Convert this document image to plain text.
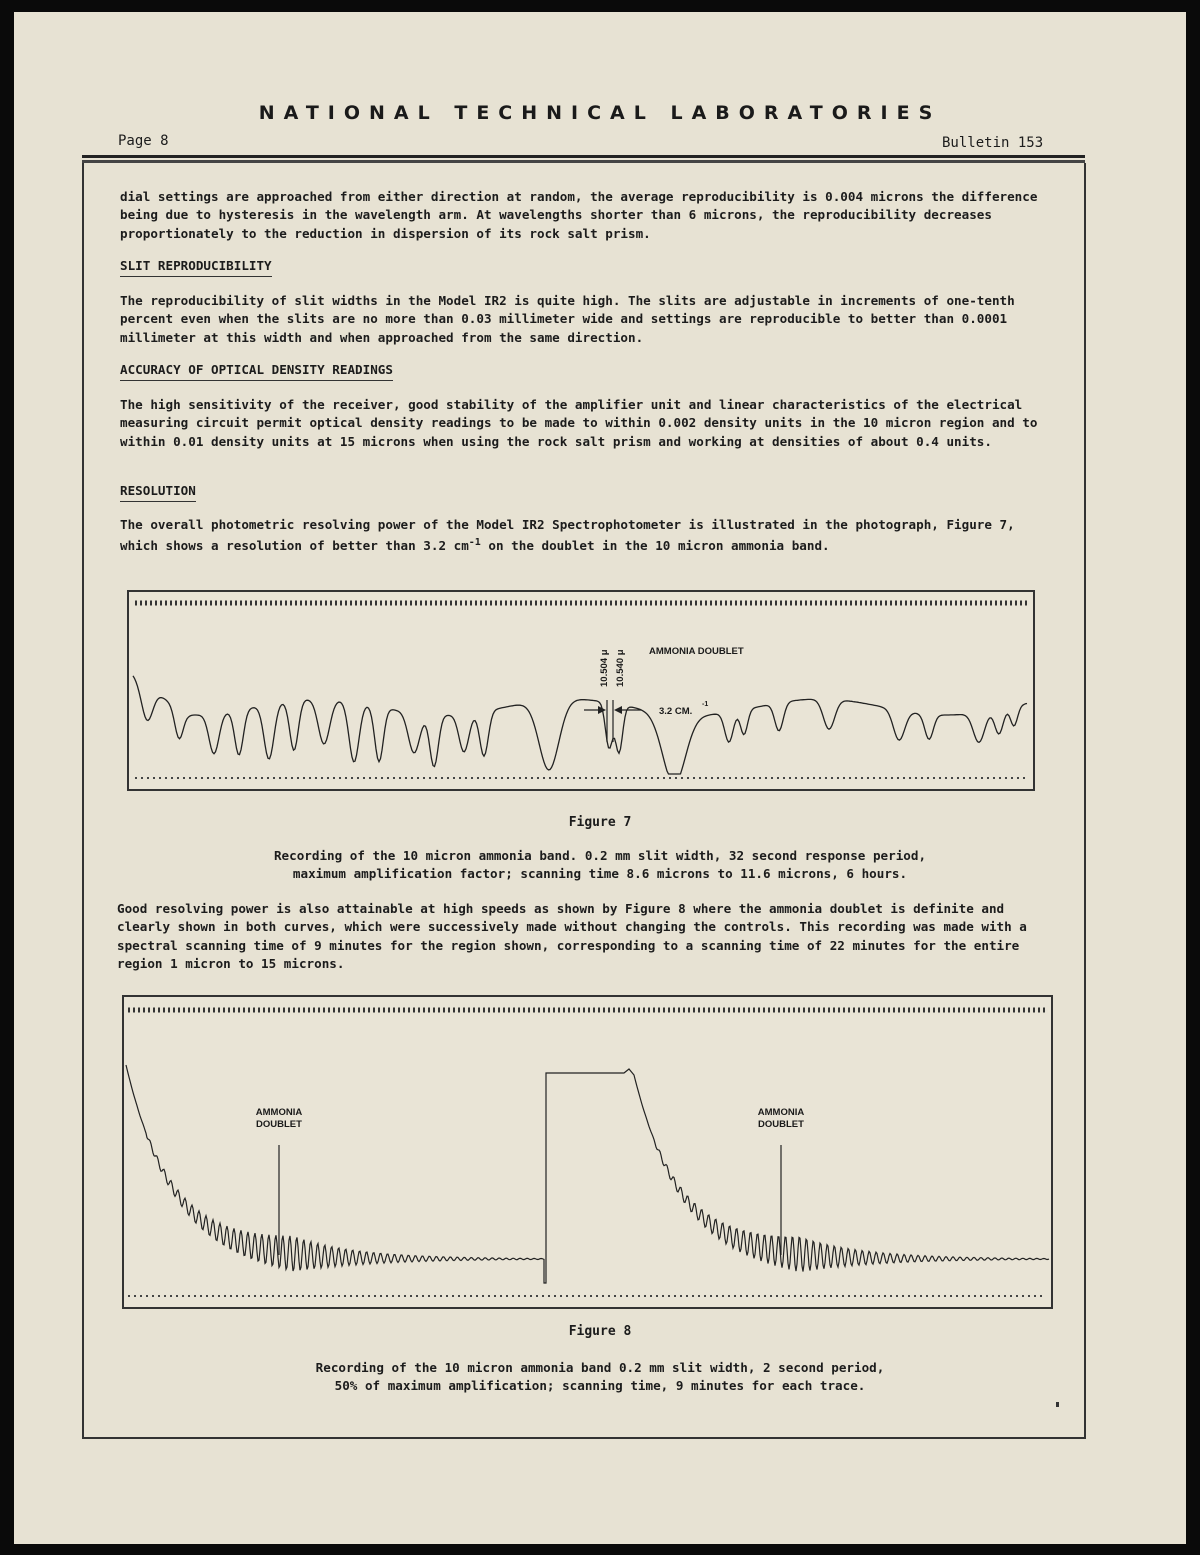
NATIONAL TECHNICAL LABORATORIES
Page 8	Bulletin 153

dial settings are approached from either direction at random, the average reproducibility is 0.004 microns the difference being due to hysteresis in the wavelength arm. At wavelengths shorter than 6 microns, the reproducibility decreases proportionately to the reduction in dispersion of its rock salt prism.

SLIT REPRODUCIBILITY

The reproducibility of slit widths in the Model IR2 is quite high. The slits are adjustable in increments of one-tenth percent even when the slits are no more than 0.03 millimeter wide and settings are reproducible to better than 0.0001 millimeter at this width and when approached from the same direction.

ACCURACY OF OPTICAL DENSITY READINGS

The high sensitivity of the receiver, good stability of the amplifier unit and linear characteristics of the electrical measuring circuit permit optical density readings to be made to within 0.002 density units in the 10 micron region and to within 0.01 density units at 15 microns when using the rock salt prism and working at densities of about 0.4 units.

RESOLUTION

The overall photometric resolving power of the Model IR2 Spectrophotometer is illustrated in the photograph, Figure 7, which shows a resolution of better than 3.2 $cm^{-1}$ on the doublet in the 10 micron ammonia band.

10.504 μ 10.540 μ AMMONIA DOUBLET
3.2 CM.
-1
Figure 7
Recording of the 10 micron ammonia band. 0.2 mm slit width, 32 second response period,
maximum amplification factor; scanning time 8.6 microns to 11.6 microns, 6 hours.

Good resolving power is also attainable at high speeds as shown by Figure 8 where the ammonia doublet is definite and clearly shown in both curves, which were successively made without changing the controls. This recording was made with a spectral scanning time of 9 minutes for the region shown, corresponding to a scanning time of 22 minutes for the entire region 1 micron to 15 microns.

AMMONIA
DOUBLET
AMMONIA
DOUBLET
Figure 8
Recording of the 10 micron ammonia band 0.2 mm slit width, 2 second period,
50% of maximum amplification; scanning time, 9 minutes for each trace.
